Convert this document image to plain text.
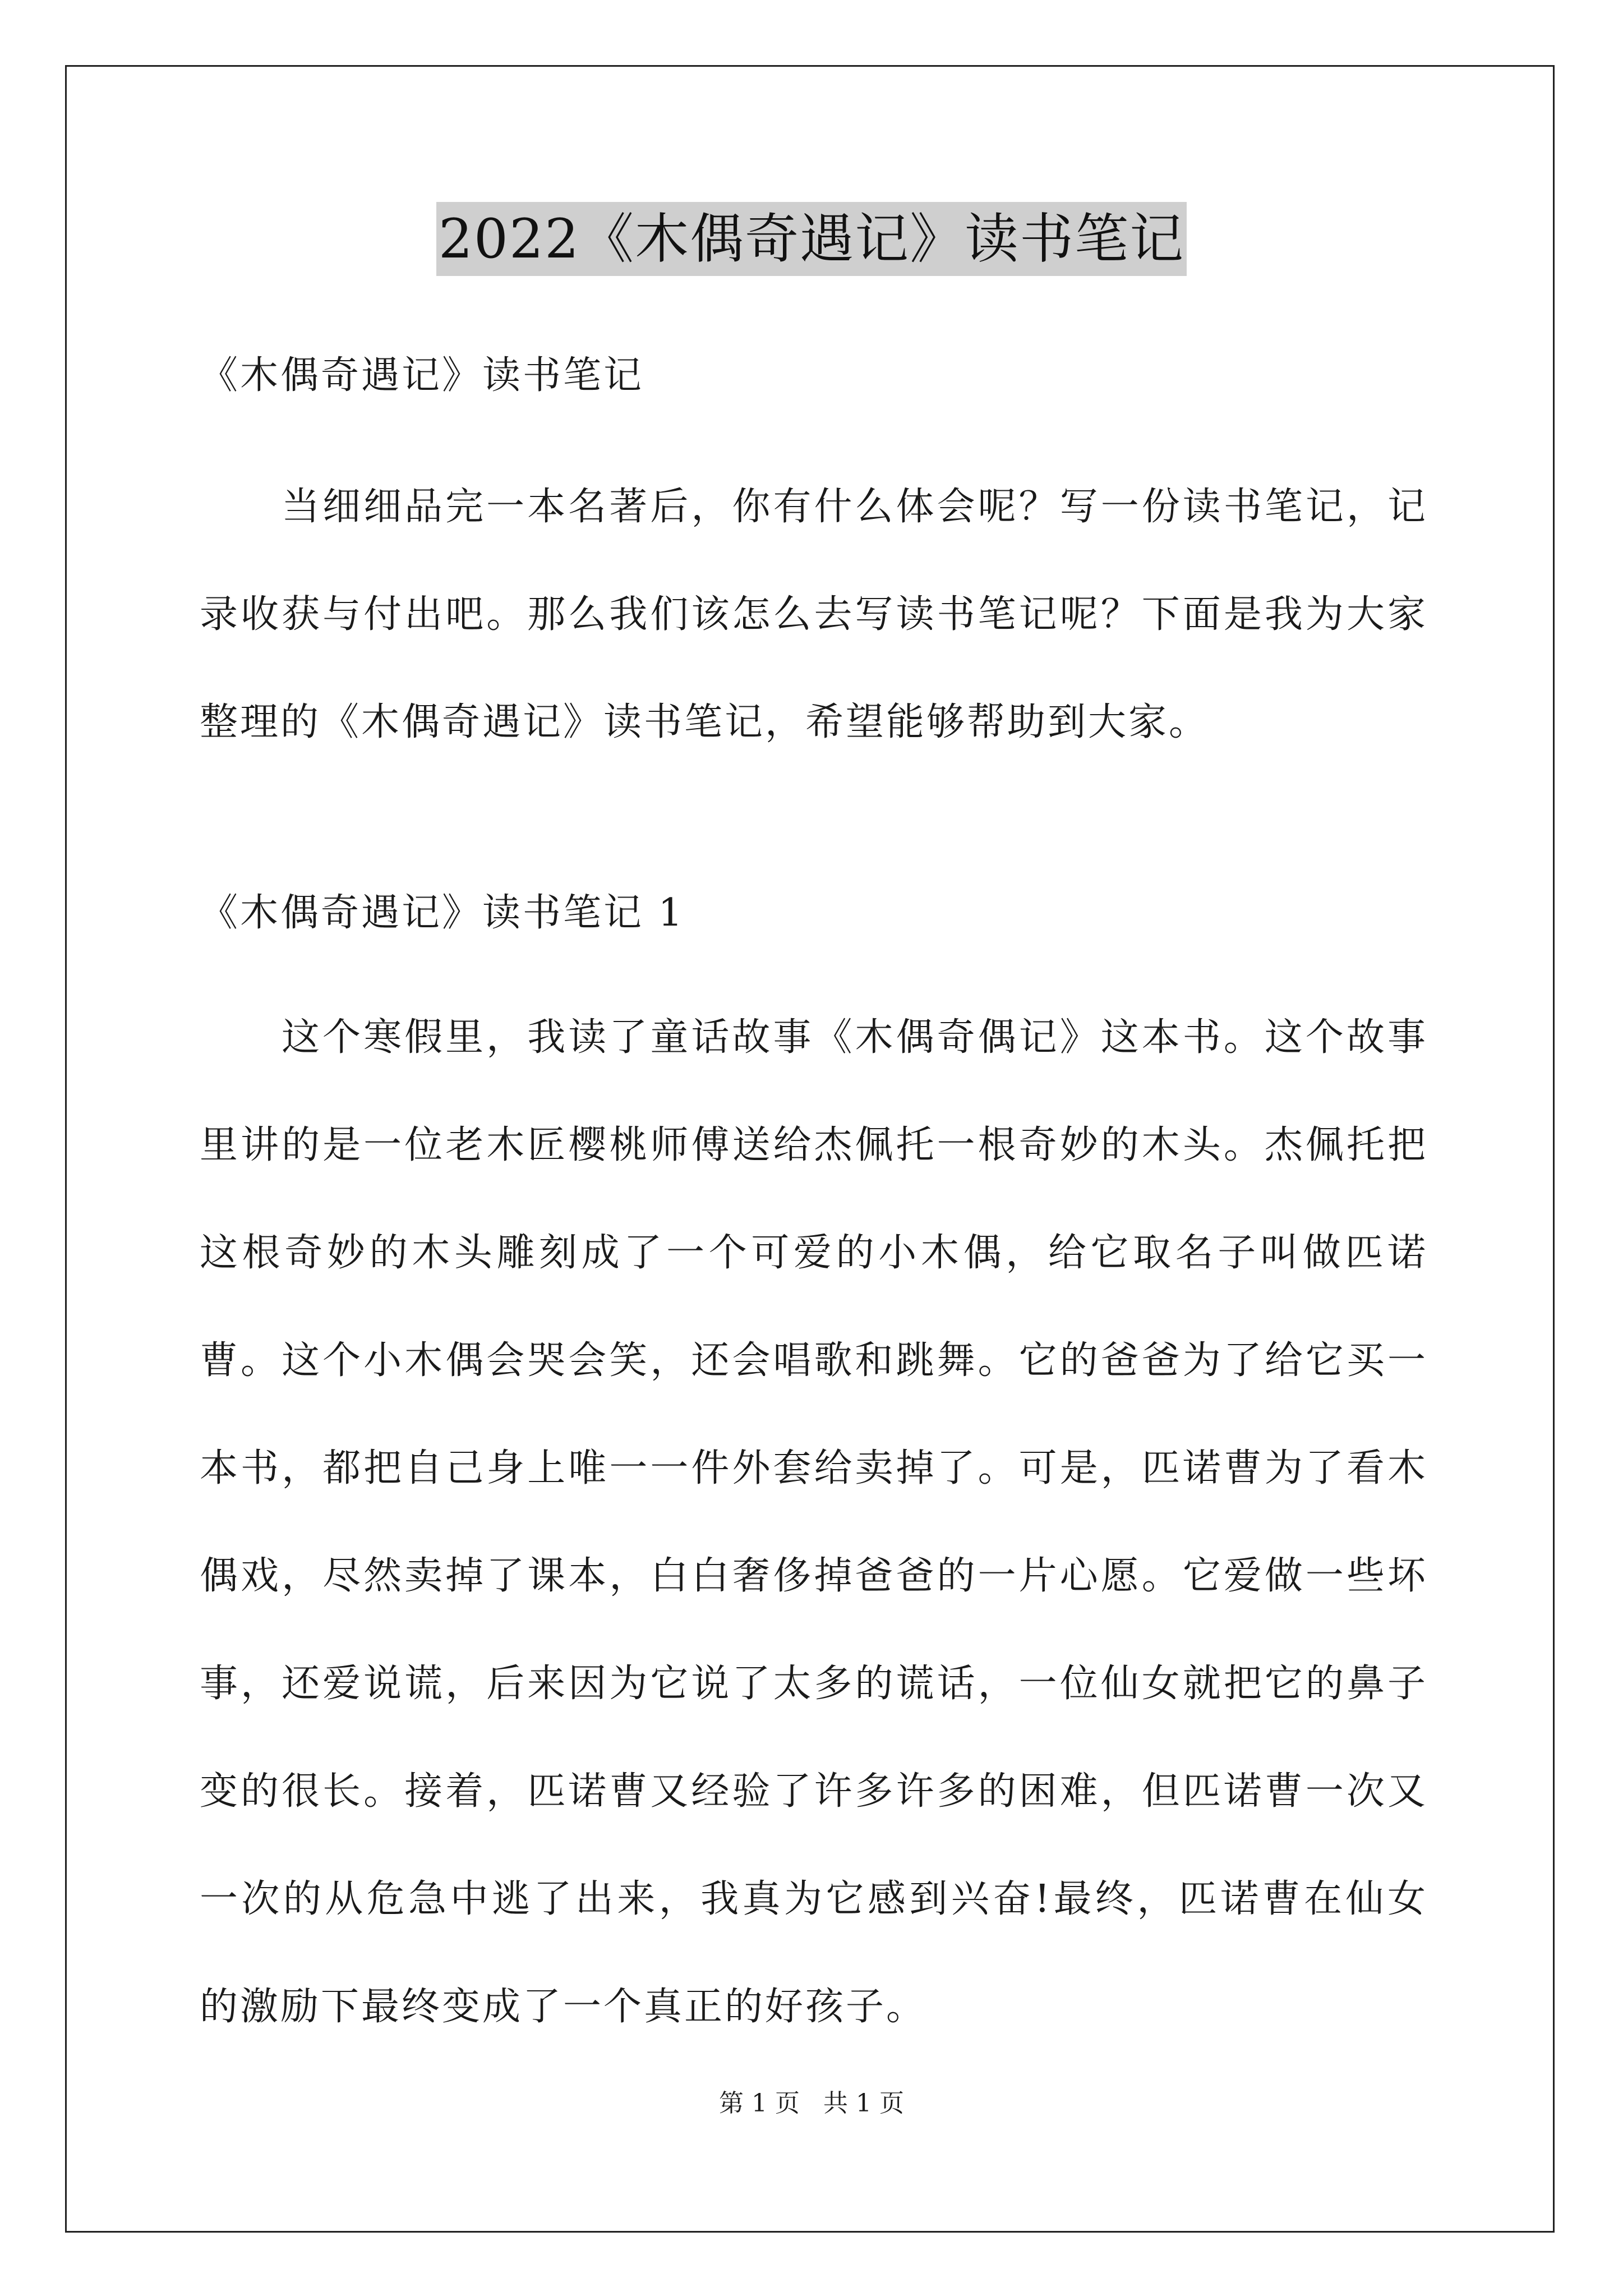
2022《木偶奇遇记》读书笔记
《木偶奇遇记》读书笔记
当细细品完一本名著后，你有什么体会呢？写一份读书笔记，记录收获与付出吧。那么我们该怎么去写读书笔记呢？下面是我为大家整理的《木偶奇遇记》读书笔记，希望能够帮助到大家。
《木偶奇遇记》读书笔记 1
这个寒假里，我读了童话故事《木偶奇偶记》这本书。这个故事里讲的是一位老木匠樱桃师傅送给杰佩托一根奇妙的木头。杰佩托把这根奇妙的木头雕刻成了一个可爱的小木偶，给它取名子叫做匹诺曹。这个小木偶会哭会笑，还会唱歌和跳舞。它的爸爸为了给它买一本书，都把自己身上唯一一件外套给卖掉了。可是，匹诺曹为了看木偶戏，尽然卖掉了课本，白白奢侈掉爸爸的一片心愿。它爱做一些坏事，还爱说谎，后来因为它说了太多的谎话，一位仙女就把它的鼻子变的很长。接着，匹诺曹又经验了许多许多的困难，但匹诺曹一次又一次的从危急中逃了出来，我真为它感到兴奋!最终，匹诺曹在仙女的激励下最终变成了一个真正的好孩子。
第 1 页 共 1 页
